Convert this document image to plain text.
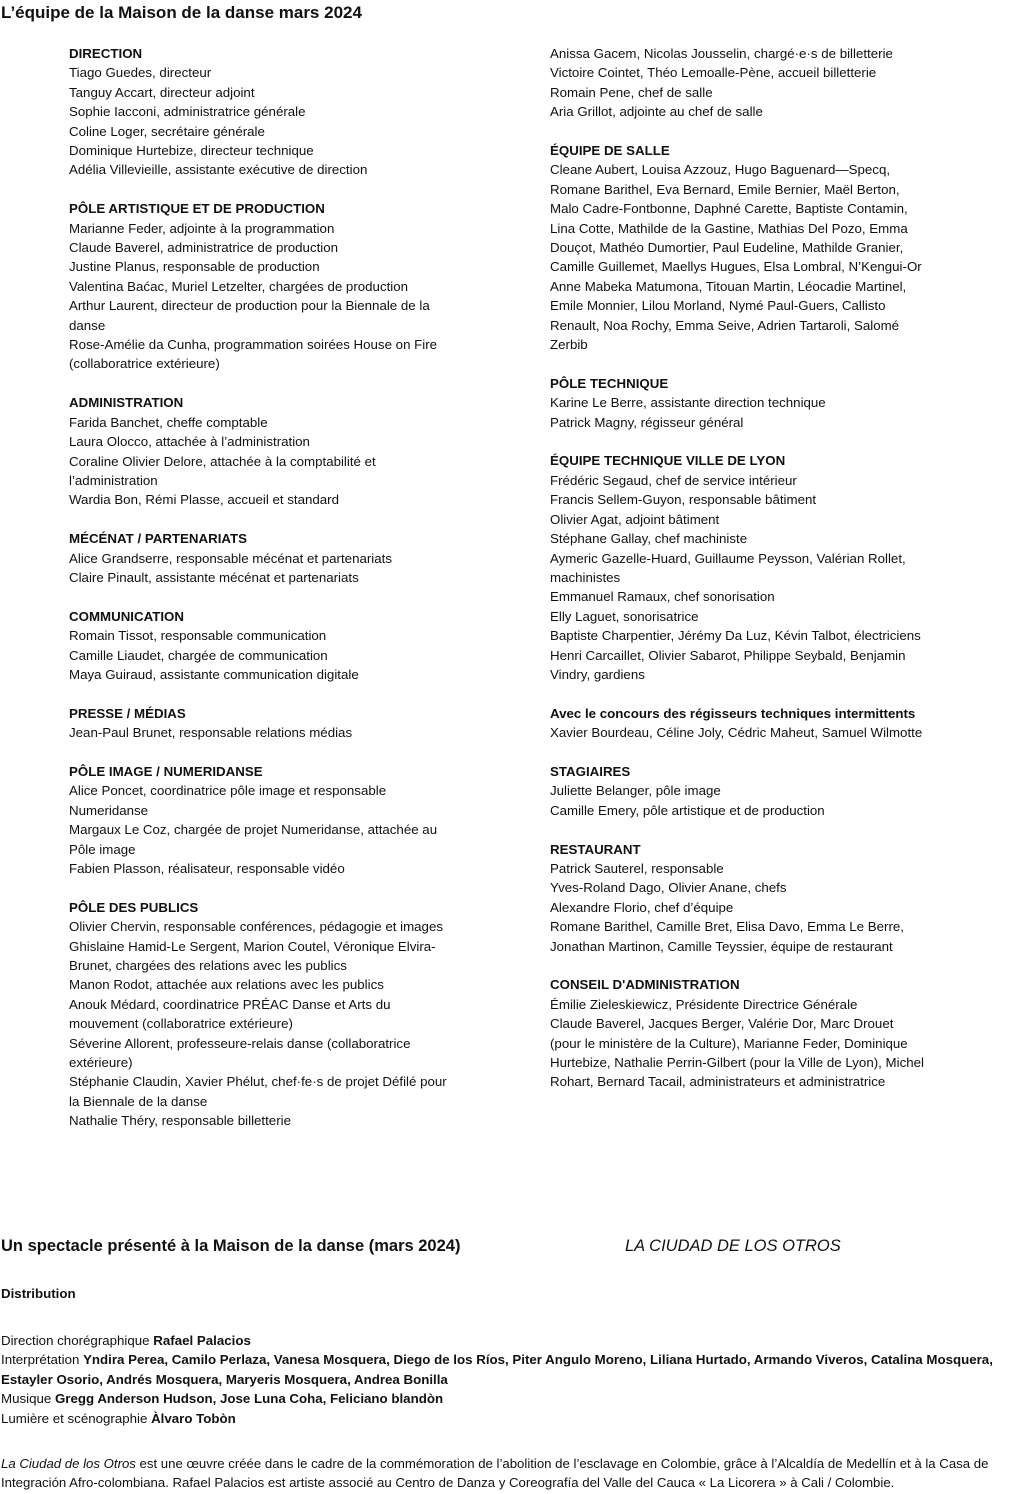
L’équipe de la Maison de la danse mars 2024
DIRECTION
Tiago Guedes, directeur
Tanguy Accart, directeur adjoint
Sophie Iacconi, administratrice générale
Coline Loger, secrétaire générale
Dominique Hurtebize, directeur technique
Adélia Villevieille, assistante exécutive de direction
PÔLE ARTISTIQUE ET DE PRODUCTION
Marianne Feder, adjointe à la programmation
Claude Baverel, administratrice de production
Justine Planus, responsable de production
Valentina Baćac, Muriel Letzelter, chargées de production
Arthur Laurent, directeur de production pour la Biennale de la
danse
Rose-Amélie da Cunha, programmation soirées House on Fire
(collaboratrice extérieure)
ADMINISTRATION
Farida Banchet, cheffe comptable
Laura Olocco, attachée à l’administration
Coraline Olivier Delore, attachée à la comptabilité et
l’administration
Wardia Bon, Rémi Plasse, accueil et standard
MÉCÉNAT / PARTENARIATS
Alice Grandserre, responsable mécénat et partenariats
Claire Pinault, assistante mécénat et partenariats
COMMUNICATION
Romain Tissot, responsable communication
Camille Liaudet, chargée de communication
Maya Guiraud, assistante communication digitale
PRESSE / MÉDIAS
Jean-Paul Brunet, responsable relations médias
PÔLE IMAGE / NUMERIDANSE
Alice Poncet, coordinatrice pôle image et responsable
Numeridanse
Margaux Le Coz, chargée de projet Numeridanse, attachée au
Pôle image
Fabien Plasson, réalisateur, responsable vidéo
PÔLE DES PUBLICS
Olivier Chervin, responsable conférences, pédagogie et images
Ghislaine Hamid-Le Sergent, Marion Coutel, Véronique Elvira-
Brunet, chargées des relations avec les publics
Manon Rodot, attachée aux relations avec les publics
Anouk Médard, coordinatrice PRÉAC Danse et Arts du
mouvement (collaboratrice extérieure)
Séverine Allorent, professeure-relais danse (collaboratrice
extérieure)
Stéphanie Claudin, Xavier Phélut, chef·fe·s de projet Défilé pour
la Biennale de la danse
Nathalie Théry, responsable billetterie
Anissa Gacem, Nicolas Jousselin, chargé·e·s de billetterie
Victoire Cointet, Théo Lemoalle-Pène, accueil billetterie
Romain Pene, chef de salle
Aria Grillot, adjointe au chef de salle
ÉQUIPE DE SALLE
Cleane Aubert, Louisa Azzouz, Hugo Baguenard—Specq,
Romane Barithel, Eva Bernard, Emile Bernier, Maël Berton,
Malo Cadre-Fontbonne, Daphné Carette, Baptiste Contamin,
Lina Cotte, Mathilde de la Gastine, Mathias Del Pozo, Emma
Douçot, Mathéo Dumortier, Paul Eudeline, Mathilde Granier,
Camille Guillemet, Maellys Hugues, Elsa Lombral, N’Kengui-Or
Anne Mabeka Matumona, Titouan Martin, Léocadie Martinel,
Emile Monnier, Lilou Morland, Nymé Paul-Guers, Callisto
Renault, Noa Rochy, Emma Seive, Adrien Tartaroli, Salomé
Zerbib
PÔLE TECHNIQUE
Karine Le Berre, assistante direction technique
Patrick Magny, régisseur général
ÉQUIPE TECHNIQUE VILLE DE LYON
Frédéric Segaud, chef de service intérieur
Francis Sellem-Guyon, responsable bâtiment
Olivier Agat, adjoint bâtiment
Stéphane Gallay, chef machiniste
Aymeric Gazelle-Huard, Guillaume Peysson, Valérian Rollet,
machinistes
Emmanuel Ramaux, chef sonorisation
Elly Laguet, sonorisatrice
Baptiste Charpentier, Jérémy Da Luz, Kévin Talbot, électriciens
Henri Carcaillet, Olivier Sabarot, Philippe Seybald, Benjamin
Vindry, gardiens
Avec le concours des régisseurs techniques intermittents
Xavier Bourdeau, Céline Joly, Cédric Maheut, Samuel Wilmotte
STAGIAIRES
Juliette Belanger, pôle image
Camille Emery, pôle artistique et de production
RESTAURANT
Patrick Sauterel, responsable
Yves-Roland Dago, Olivier Anane, chefs
Alexandre Florio, chef d’équipe
Romane Barithel, Camille Bret, Elisa Davo, Emma Le Berre,
Jonathan Martinon, Camille Teyssier, équipe de restaurant
CONSEIL D'ADMINISTRATION
Émilie Zieleskiewicz, Présidente Directrice Générale
Claude Baverel, Jacques Berger, Valérie Dor, Marc Drouet
(pour le ministère de la Culture), Marianne Feder, Dominique
Hurtebize, Nathalie Perrin-Gilbert (pour la Ville de Lyon), Michel
Rohart, Bernard Tacail, administrateurs et administratrice
Un spectacle présenté à la Maison de la danse (mars 2024)	LA CIUDAD DE LOS OTROS
Distribution
Direction chorégraphique Rafael Palacios
Interprétation Yndira Perea, Camilo Perlaza, Vanesa Mosquera, Diego de los Ríos, Piter Angulo Moreno, Liliana Hurtado, Armando Viveros, Catalina Mosquera, Estayler Osorio, Andrés Mosquera, Maryeris Mosquera, Andrea Bonilla
Musique Gregg Anderson Hudson, Jose Luna Coha, Feliciano blandòn
Lumière et scénographie Àlvaro Tobòn
La Ciudad de los Otros est une œuvre créée dans le cadre de la commémoration de l’abolition de l’esclavage en Colombie, grâce à l’Alcaldía de Medellín et à la Casa de Integración Afro-colombiana. Rafael Palacios est artiste associé au Centro de Danza y Coreografía del Valle del Cauca « La Licorera » à Cali / Colombie.
